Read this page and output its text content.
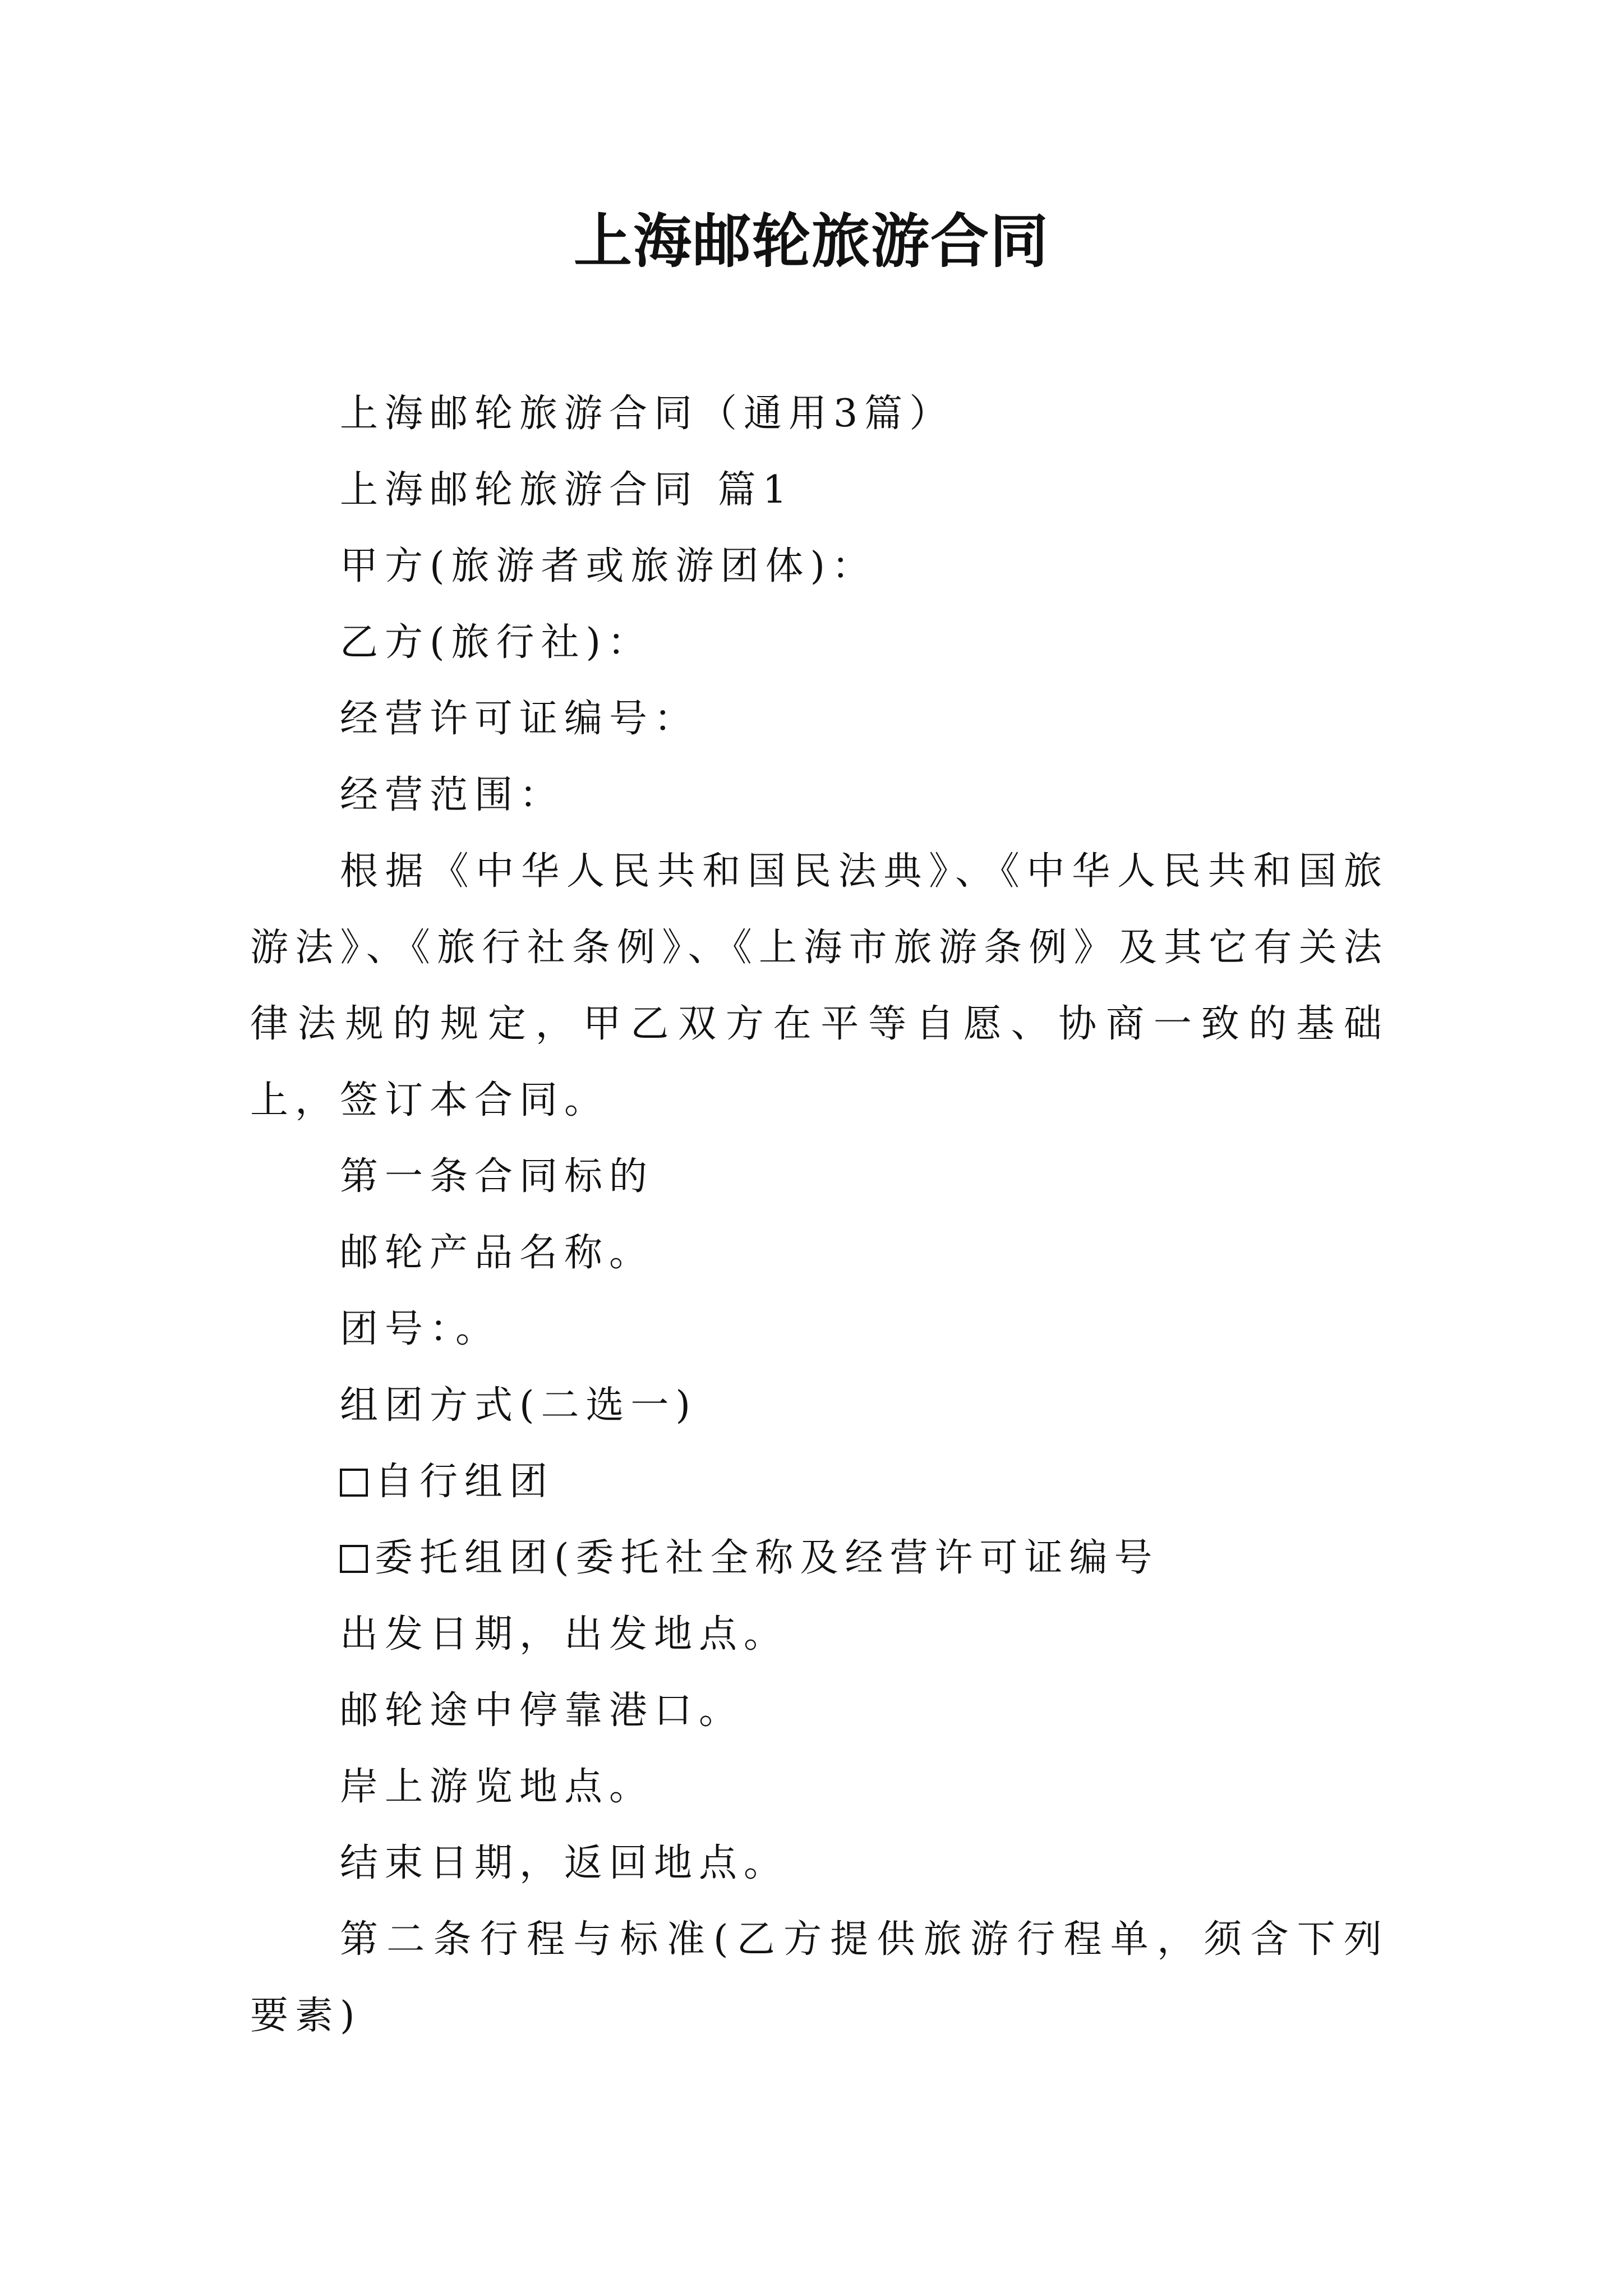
上海邮轮旅游合同

上海邮轮旅游合同（通用3篇）

上海邮轮旅游合同 篇1

甲方(旅游者或旅游团体)：

乙方(旅行社)：

经营许可证编号：

经营范围：

根据《中华人民共和国民法典》、《中华人民共和国旅游法》、《旅行社条例》、《上海市旅游条例》及其它有关法律法规的规定，甲乙双方在平等自愿、协商一致的基础上，签订本合同。

第一条合同标的

邮轮产品名称。

团号：。

组团方式(二选一)

自行组团

委托组团(委托社全称及经营许可证编号

出发日期，出发地点。

邮轮途中停靠港口。

岸上游览地点。

结束日期，返回地点。

第二条行程与标准(乙方提供旅游行程单，须含下列要素)
